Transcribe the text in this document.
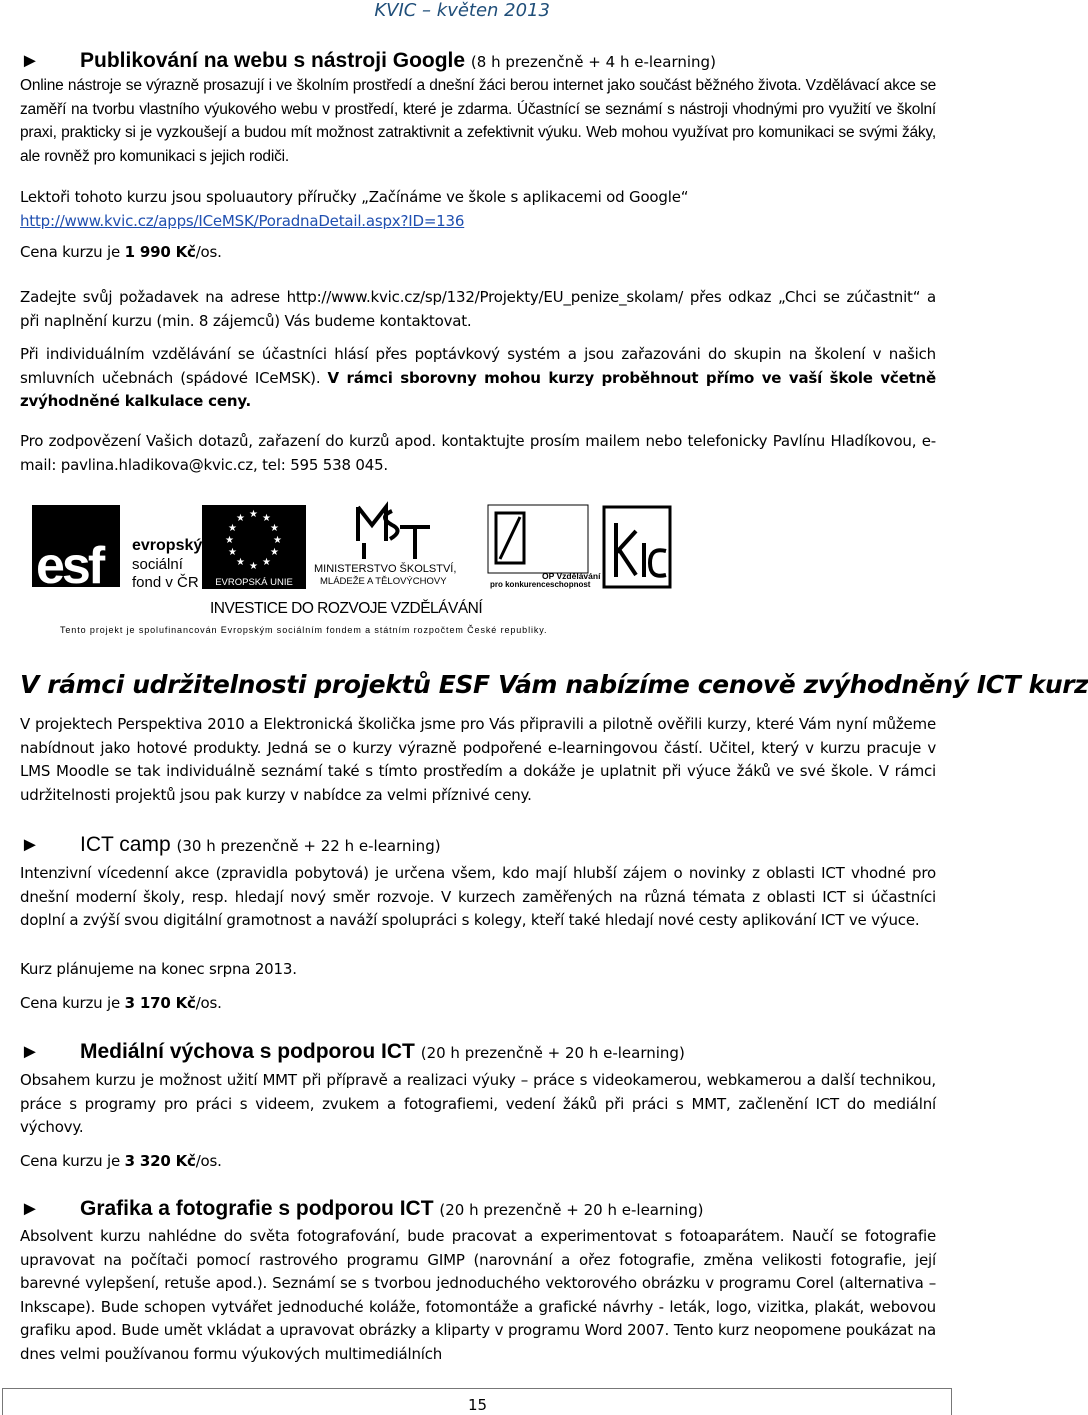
KVIC – květen 2013
► Publikování na webu s nástroji Google (8 h prezenčně + 4 h e-learning)
Online nástroje se výrazně prosazují i ve školním prostředí a dnešní žáci berou internet jako součást běžného života. Vzdělávací akce se zaměří na tvorbu vlastního výukového webu v prostředí, které je zdarma. Účastnící se seznámí s nástroji vhodnými pro využití ve školní praxi, prakticky si je vyzkoušejí a budou mít možnost zatraktivnit a zefektivnit výuku. Web mohou využívat pro komunikaci se svými žáky, ale rovněž pro komunikaci s jejich rodiči.
Lektoři tohoto kurzu jsou spoluautory příručky „Začínáme ve škole s aplikacemi od Google“
http://www.kvic.cz/apps/ICeMSK/PoradnaDetail.aspx?ID=136
Cena kurzu je 1 990 Kč/os.
Zadejte svůj požadavek na adrese http://www.kvic.cz/sp/132/Projekty/EU_penize_skolam/ přes odkaz „Chci se zúčastnit“ a při naplnění kurzu (min. 8 zájemců) Vás budeme kontaktovat.
Při individuálním vzdělávání se účastníci hlásí přes poptávkový systém a jsou zařazováni do skupin na školení v našich smluvních učebnách (spádové ICeMSK). V rámci sborovny mohou kurzy proběhnout přímo ve vaší škole včetně zvýhodněné kalkulace ceny.
Pro zodpovězení Vašich dotazů, zařazení do kurzů apod. kontaktujte prosím mailem nebo telefonicky Pavlínu Hladíkovou, e-mail: pavlina.hladikova@kvic.cz, tel: 595 538 045.
esf evropský
sociální
fond v ČR
★ ★
★
★
★
★
★
★
★
★
★
★
EVROPSKÁ UNIE
MINISTERSTVO ŠKOLSTVÍ,
MLÁDEŽE A TĚLOVÝCHOVY	OP Vzdělávání
pro konkurenceschopnost
INVESTICE DO ROZVOJE VZDĚLÁVÁNÍ
Tento projekt je spolufinancován Evropským sociálním fondem a státním rozpočtem České republiky.
V rámci udržitelnosti projektů ESF Vám nabízíme cenově zvýhodněný ICT kurz
V projektech Perspektiva 2010 a Elektronická školička jsme pro Vás připravili a pilotně ověřili kurzy, které Vám nyní můžeme nabídnout jako hotové produkty. Jedná se o kurzy výrazně podpořené e-learningovou částí. Učitel, který v kurzu pracuje v LMS Moodle se tak individuálně seznámí také s tímto prostředím a dokáže je uplatnit při výuce žáků ve své škole. V rámci udržitelnosti projektů jsou pak kurzy v nabídce za velmi příznivé ceny.
► ICT camp (30 h prezenčně + 22 h e-learning)
Intenzivní vícedenní akce (zpravidla pobytová) je určena všem, kdo mají hlubší zájem o novinky z oblasti ICT vhodné pro dnešní moderní školy, resp. hledají nový směr rozvoje. V kurzech zaměřených na různá témata z oblasti ICT si účastníci doplní a zvýší svou digitální gramotnost a naváží spolupráci s kolegy, kteří také hledají nové cesty aplikování ICT ve výuce.
Kurz plánujeme na konec srpna 2013.
Cena kurzu je 3 170 Kč/os.
► Mediální výchova s podporou ICT (20 h prezenčně + 20 h e-learning)
Obsahem kurzu je možnost užití MMT při přípravě a realizaci výuky – práce s videokamerou, webkamerou a další technikou, práce s programy pro práci s videem, zvukem a fotografiemi, vedení žáků při práci s MMT, začlenění ICT do mediální výchovy.
Cena kurzu je 3 320 Kč/os.
► Grafika a fotografie s podporou ICT (20 h prezenčně + 20 h e-learning)
Absolvent kurzu nahlédne do světa fotografování, bude pracovat a experimentovat s fotoaparátem. Naučí se fotografie upravovat na počítači pomocí rastrového programu GIMP (narovnání a ořez fotografie, změna velikosti fotografie, její barevné vylepšení, retuše apod.). Seznámí se s tvorbou jednoduchého vektorového obrázku v programu Corel (alternativa – Inkscape). Bude schopen vytvářet jednoduché koláže, fotomontáže a grafické návrhy - leták, logo, vizitka, plakát, webovou grafiku apod. Bude umět vkládat a upravovat obrázky a kliparty v programu Word 2007. Tento kurz neopomene poukázat na dnes velmi používanou formu výukových multimediálních
15
